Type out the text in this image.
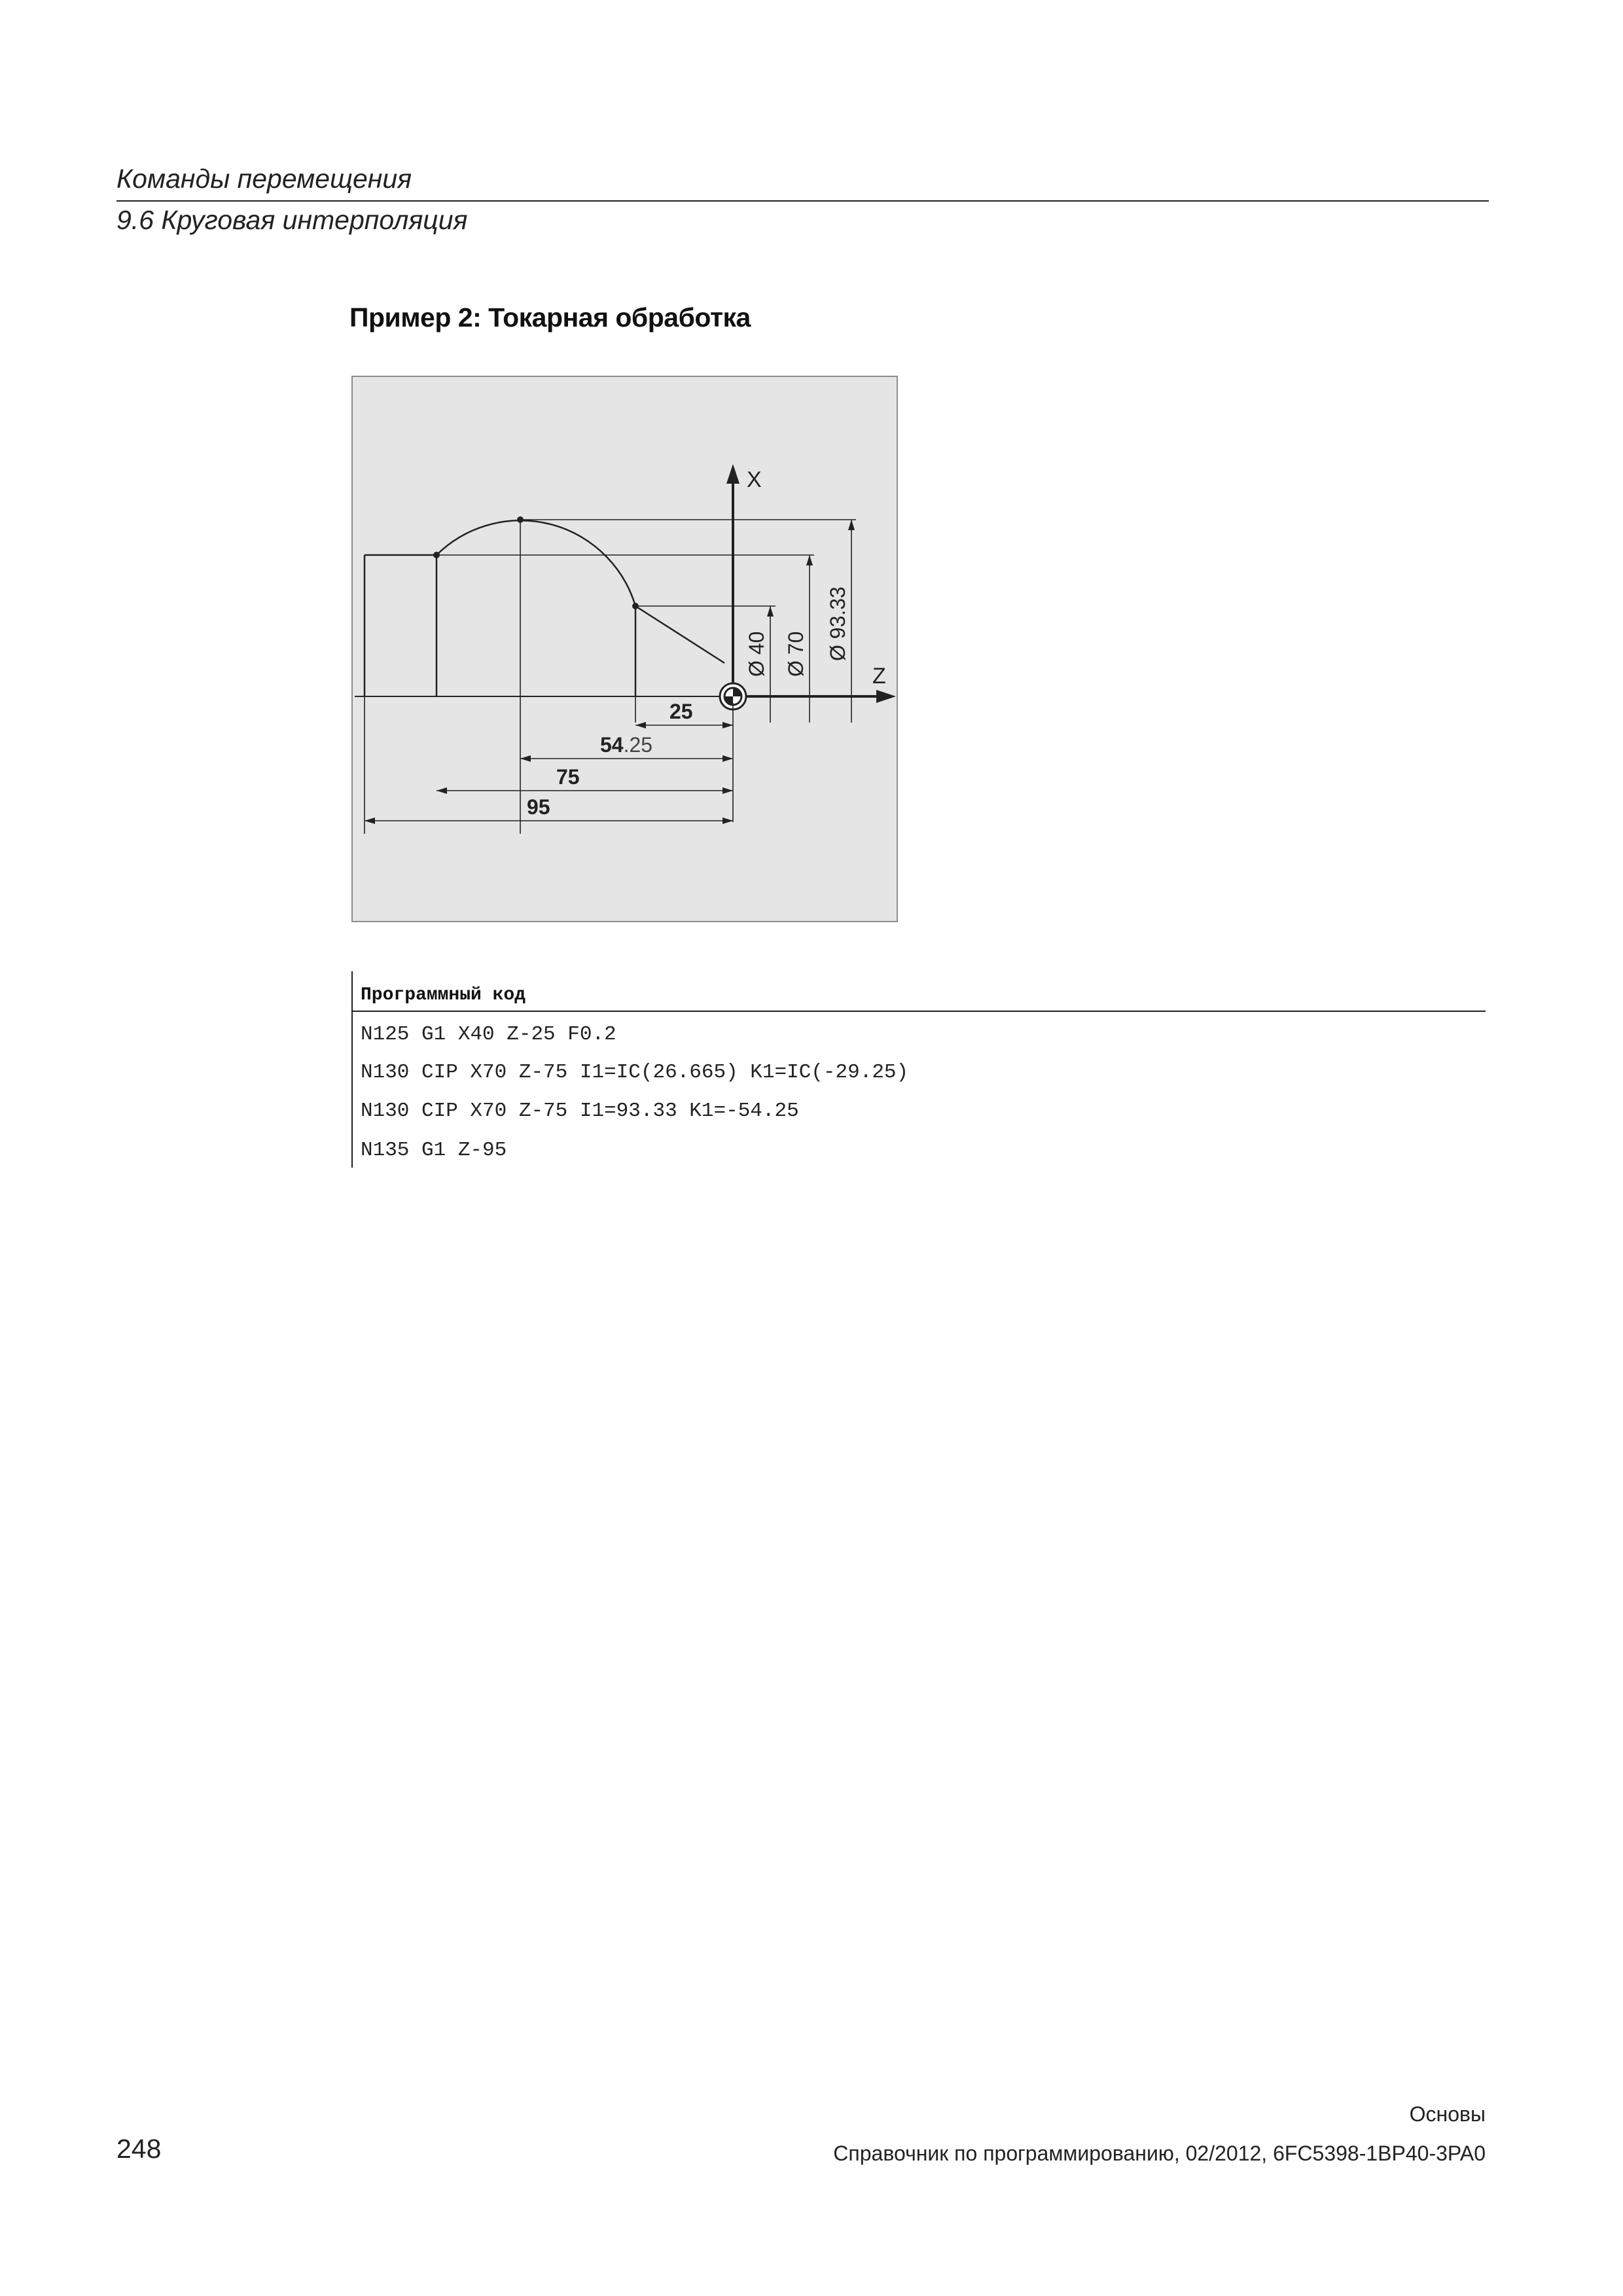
Команды перемещения
9.6 Круговая интерполяция
Пример 2: Токарная обработка
X
Z
Ø 40 Ø 70 Ø 93.33
25
54.25
75
95
Программный код
N125 G1 X40 Z-25 F0.2
N130 CIP X70 Z-75 I1=IC(26.665) K1=IC(-29.25)
N130 CIP X70 Z-75 I1=93.33 K1=-54.25
N135 G1 Z-95
Основы
248	Справочник по программированию, 02/2012, 6FC5398-1BP40-3PA0
